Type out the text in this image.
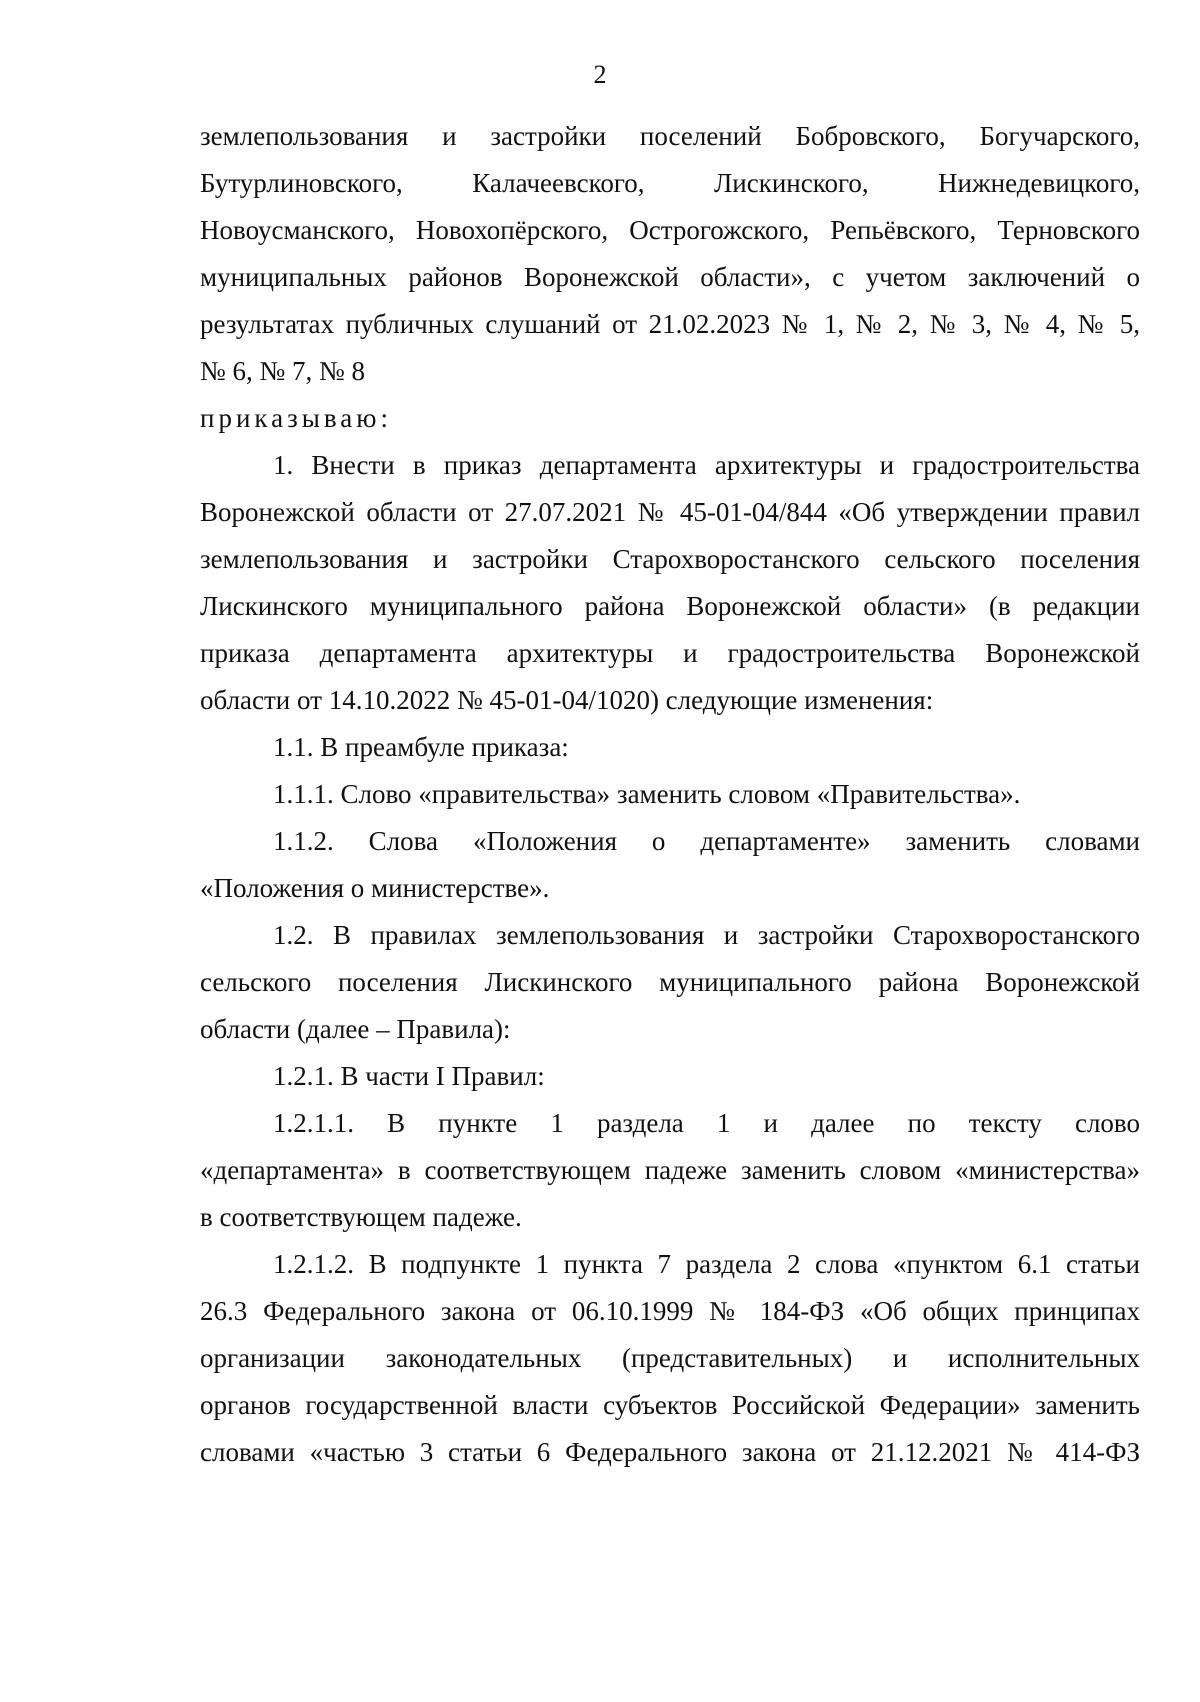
2
землепользования и застройки поселений Бобровского, Богучарского,
Бутурлиновского, Калачеевского, Лискинского, Нижнедевицкого,
Новоусманского, Новохопёрского, Острогожского, Репьёвского, Терновского
муниципальных районов Воронежской области», с учетом заключений о
результатах публичных слушаний от 21.02.2023 № 1, № 2, № 3, № 4, № 5,
№ 6, № 7, № 8
приказываю:
1. Внести в приказ департамента архитектуры и градостроительства
Воронежской области от 27.07.2021 № 45-01-04/844 «Об утверждении правил
землепользования и застройки Старохворостанского сельского поселения
Лискинского муниципального района Воронежской области» (в редакции
приказа департамента архитектуры и градостроительства Воронежской
области от 14.10.2022 № 45-01-04/1020) следующие изменения:
1.1. В преамбуле приказа:
1.1.1. Слово «правительства» заменить словом «Правительства».
1.1.2. Слова «Положения о департаменте» заменить словами
«Положения о министерстве».
1.2. В правилах землепользования и застройки Старохворостанского
сельского поселения Лискинского муниципального района Воронежской
области (далее – Правила):
1.2.1. В части I Правил:
1.2.1.1. В пункте 1 раздела 1 и далее по тексту слово
«департамента» в соответствующем падеже заменить словом «министерства»
в соответствующем падеже.
1.2.1.2. В подпункте 1 пункта 7 раздела 2 слова «пунктом 6.1 статьи
26.3 Федерального закона от 06.10.1999 № 184-ФЗ «Об общих принципах
организации законодательных (представительных) и исполнительных
органов государственной власти субъектов Российской Федерации» заменить
словами «частью 3 статьи 6 Федерального закона от 21.12.2021 № 414-ФЗ
